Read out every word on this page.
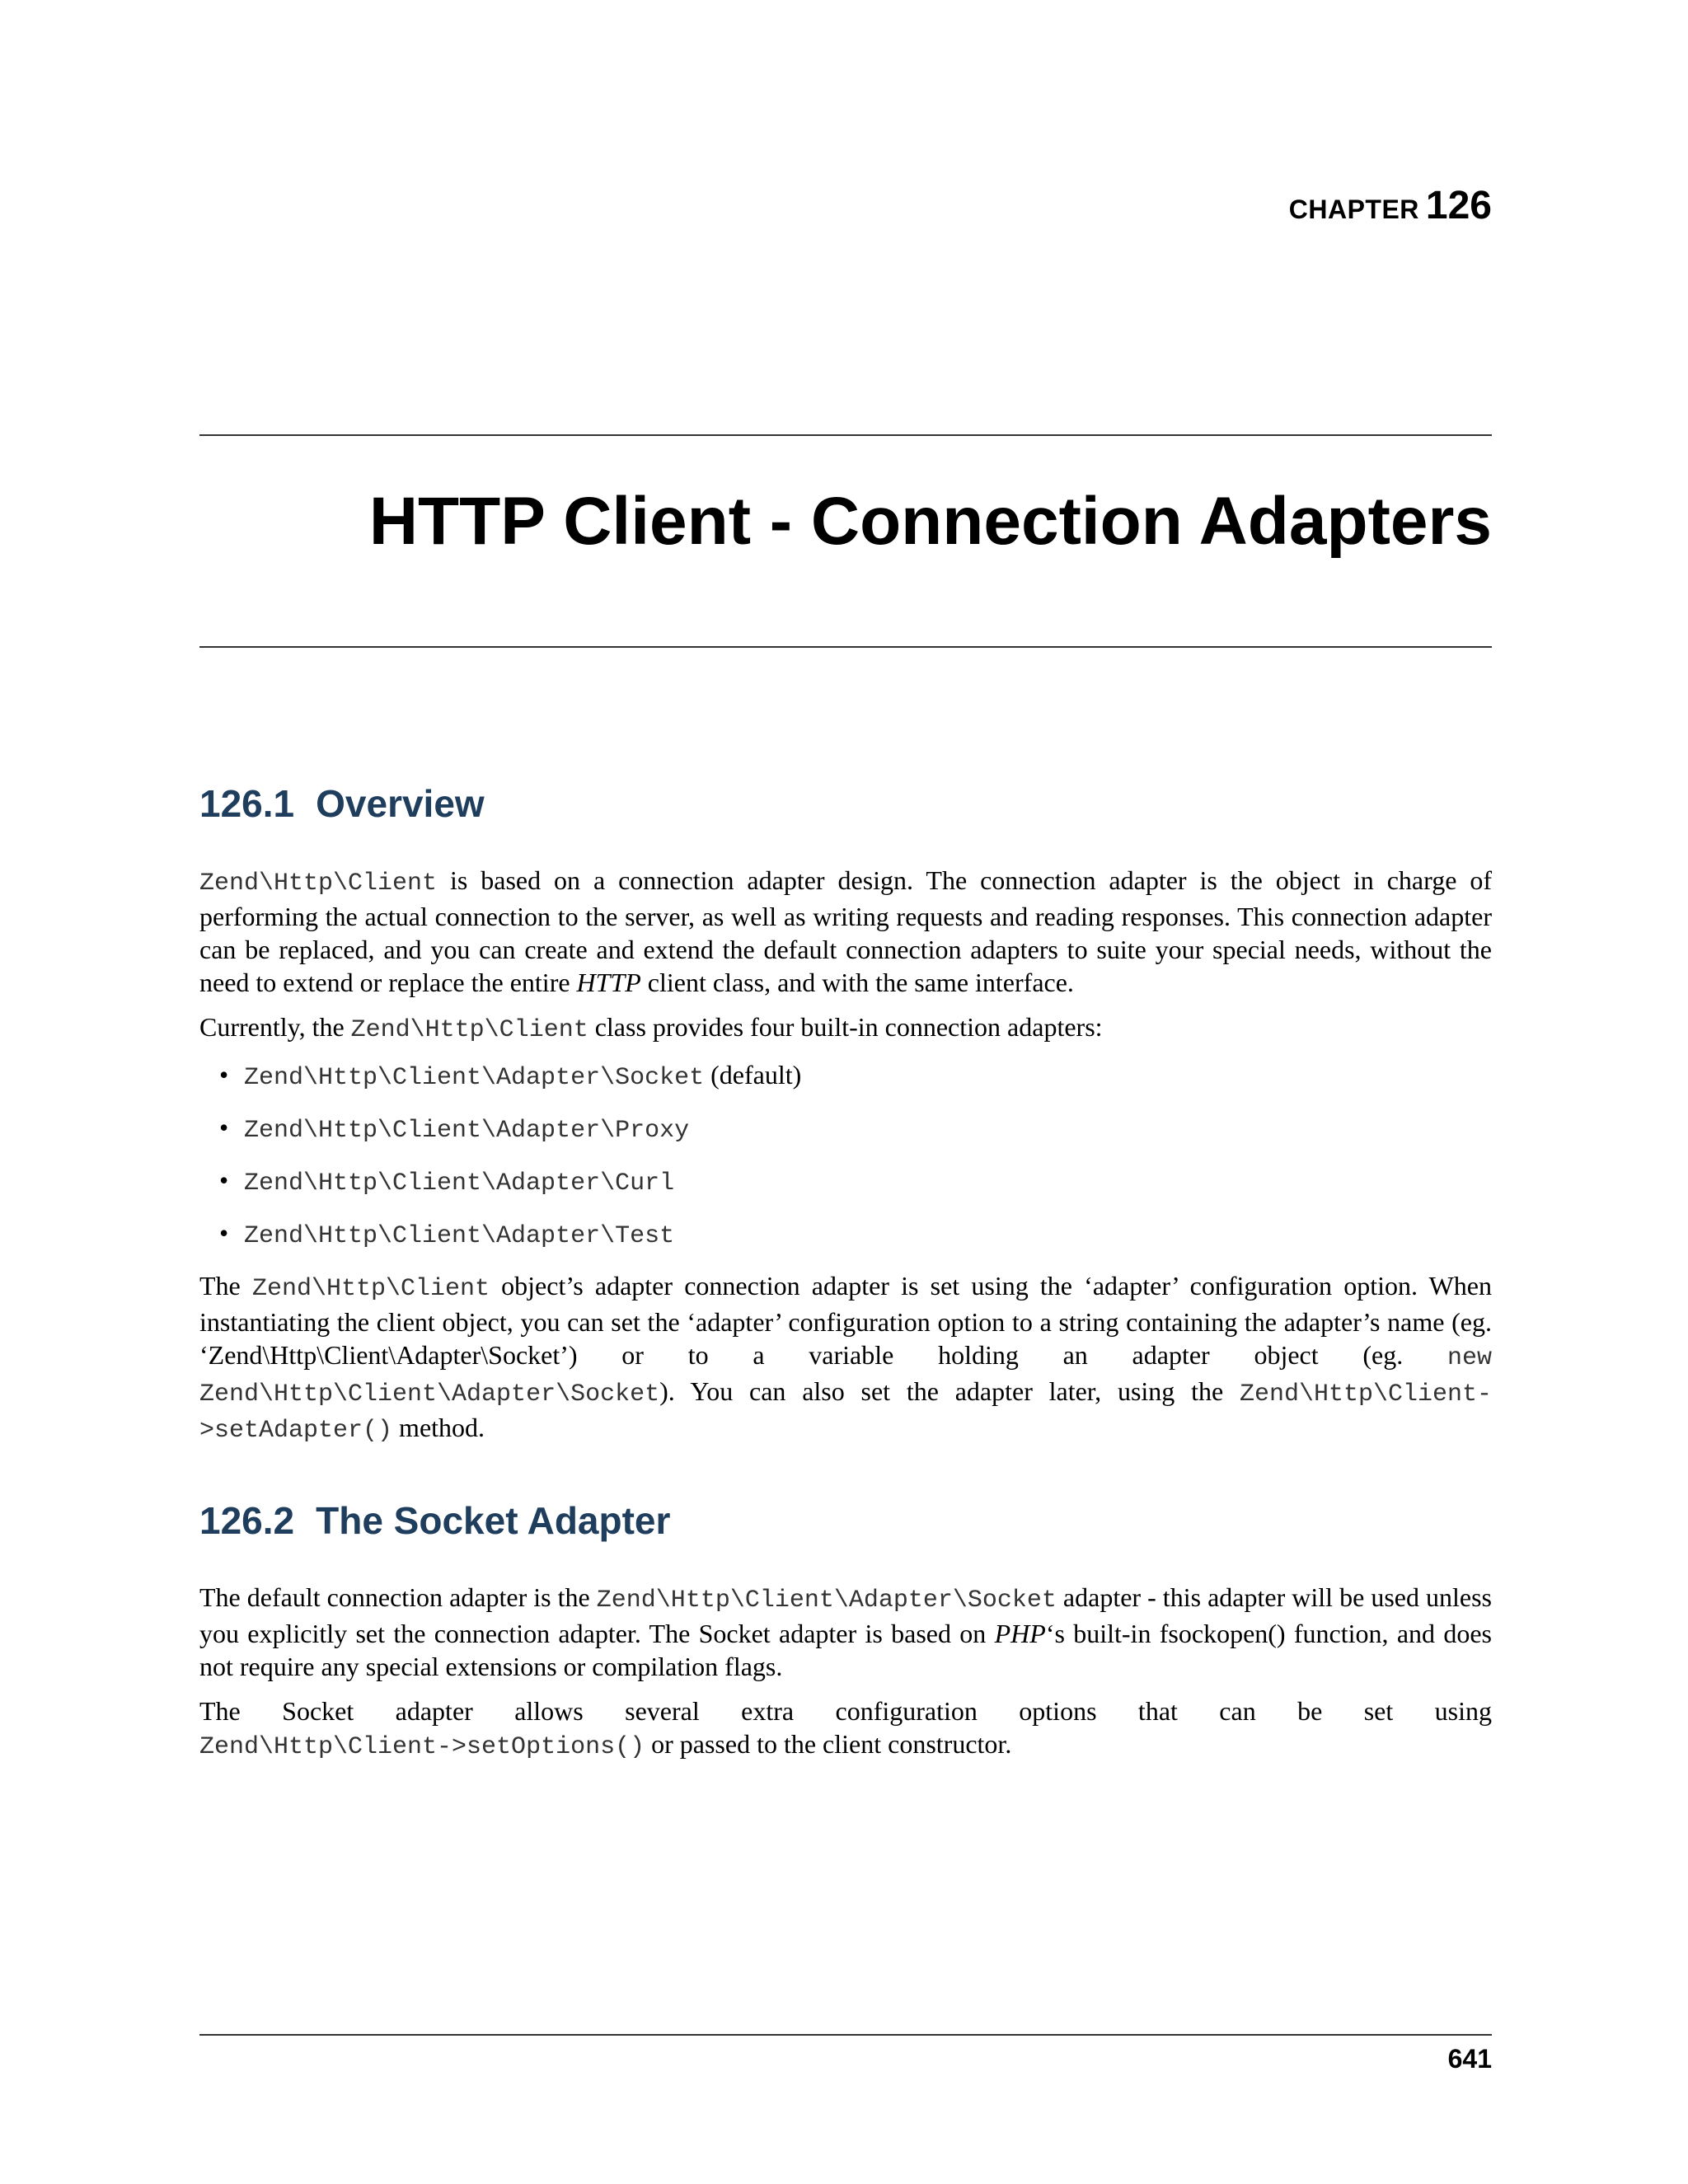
CHAPTER 126
HTTP Client - Connection Adapters
126.1 Overview

Zend\Http\Client is based on a connection adapter design. The connection adapter is the object in charge of performing the actual connection to the server, as well as writing requests and reading responses. This connection adapter can be replaced, and you can create and extend the default connection adapters to suite your special needs, without the need to extend or replace the entire HTTP client class, and with the same interface.

Currently, the Zend\Http\Client class provides four built-in connection adapters:

• Zend\Http\Client\Adapter\Socket (default)
• Zend\Http\Client\Adapter\Proxy
• Zend\Http\Client\Adapter\Curl
• Zend\Http\Client\Adapter\Test

The Zend\Http\Client object’s adapter connection adapter is set using the ‘adapter’ configuration option. When instantiating the client object, you can set the ‘adapter’ configuration option to a string containing the adapter’s name (eg. ‘Zend\Http\Client\Adapter\Socket’) or to a variable holding an adapter object (eg. new Zend\Http\Client\Adapter\Socket). You can also set the adapter later, using the Zend\Http\Client->setAdapter() method.

126.2 The Socket Adapter

The default connection adapter is the Zend\Http\Client\Adapter\Socket adapter - this adapter will be used unless you explicitly set the connection adapter. The Socket adapter is based on PHP‘s built-in fsockopen() function, and does not require any special extensions or compilation flags.

The Socket adapter allows several extra configuration options that can be set using
Zend\Http\Client->setOptions() or passed to the client constructor.

641
